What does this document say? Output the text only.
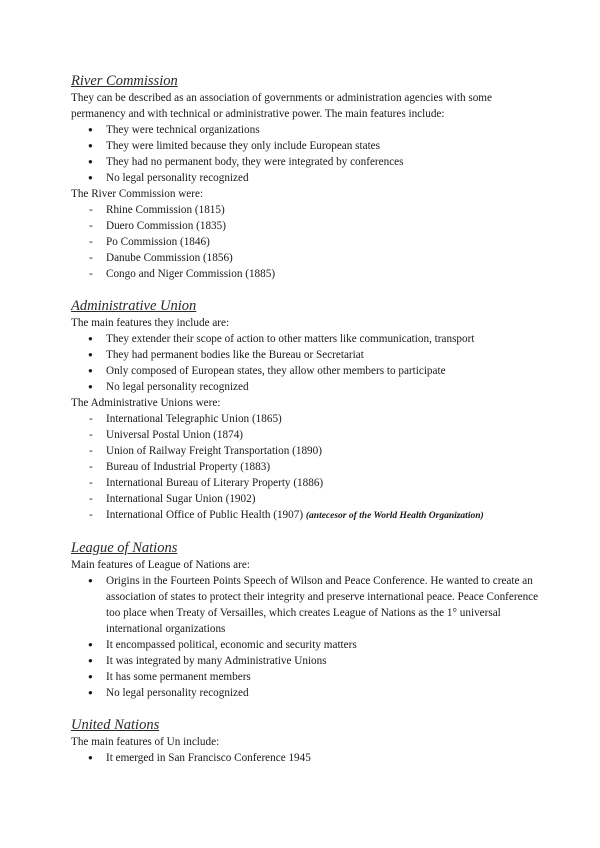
River Commission

They can be described as an association of governments or administration agencies with some permanency and with technical or administrative power. The main features include:

● They were technical organizations
● They were limited because they only include European states
● They had no permanent body, they were integrated by conferences
● No legal personality recognized

The River Commission were:

- Rhine Commission (1815)
- Duero Commission (1835)
- Po Commission (1846)
- Danube Commission (1856)
- Congo and Niger Commission (1885)

Administrative Union

The main features they include are:

● They extender their scope of action to other matters like communication, transport
● They had permanent bodies like the Bureau or Secretariat
● Only composed of European states, they allow other members to participate
● No legal personality recognized

The Administrative Unions were:

- International Telegraphic Union (1865)
- Universal Postal Union (1874)
- Union of Railway Freight Transportation (1890)
- Bureau of Industrial Property (1883)
- International Bureau of Literary Property (1886)
- International Sugar Union (1902)
- International Office of Public Health (1907) (antecesor of the World Health Organization)

League of Nations

Main features of League of Nations are:

● Origins in the Fourteen Points Speech of Wilson and Peace Conference. He wanted to create an association of states to protect their integrity and preserve international peace. Peace Conference too place when Treaty of Versailles, which creates League of Nations as the 1° universal international organizations
● It encompassed political, economic and security matters
● It was integrated by many Administrative Unions
● It has some permanent members
● No legal personality recognized

United Nations

The main features of Un include:

● It emerged in San Francisco Conference 1945
